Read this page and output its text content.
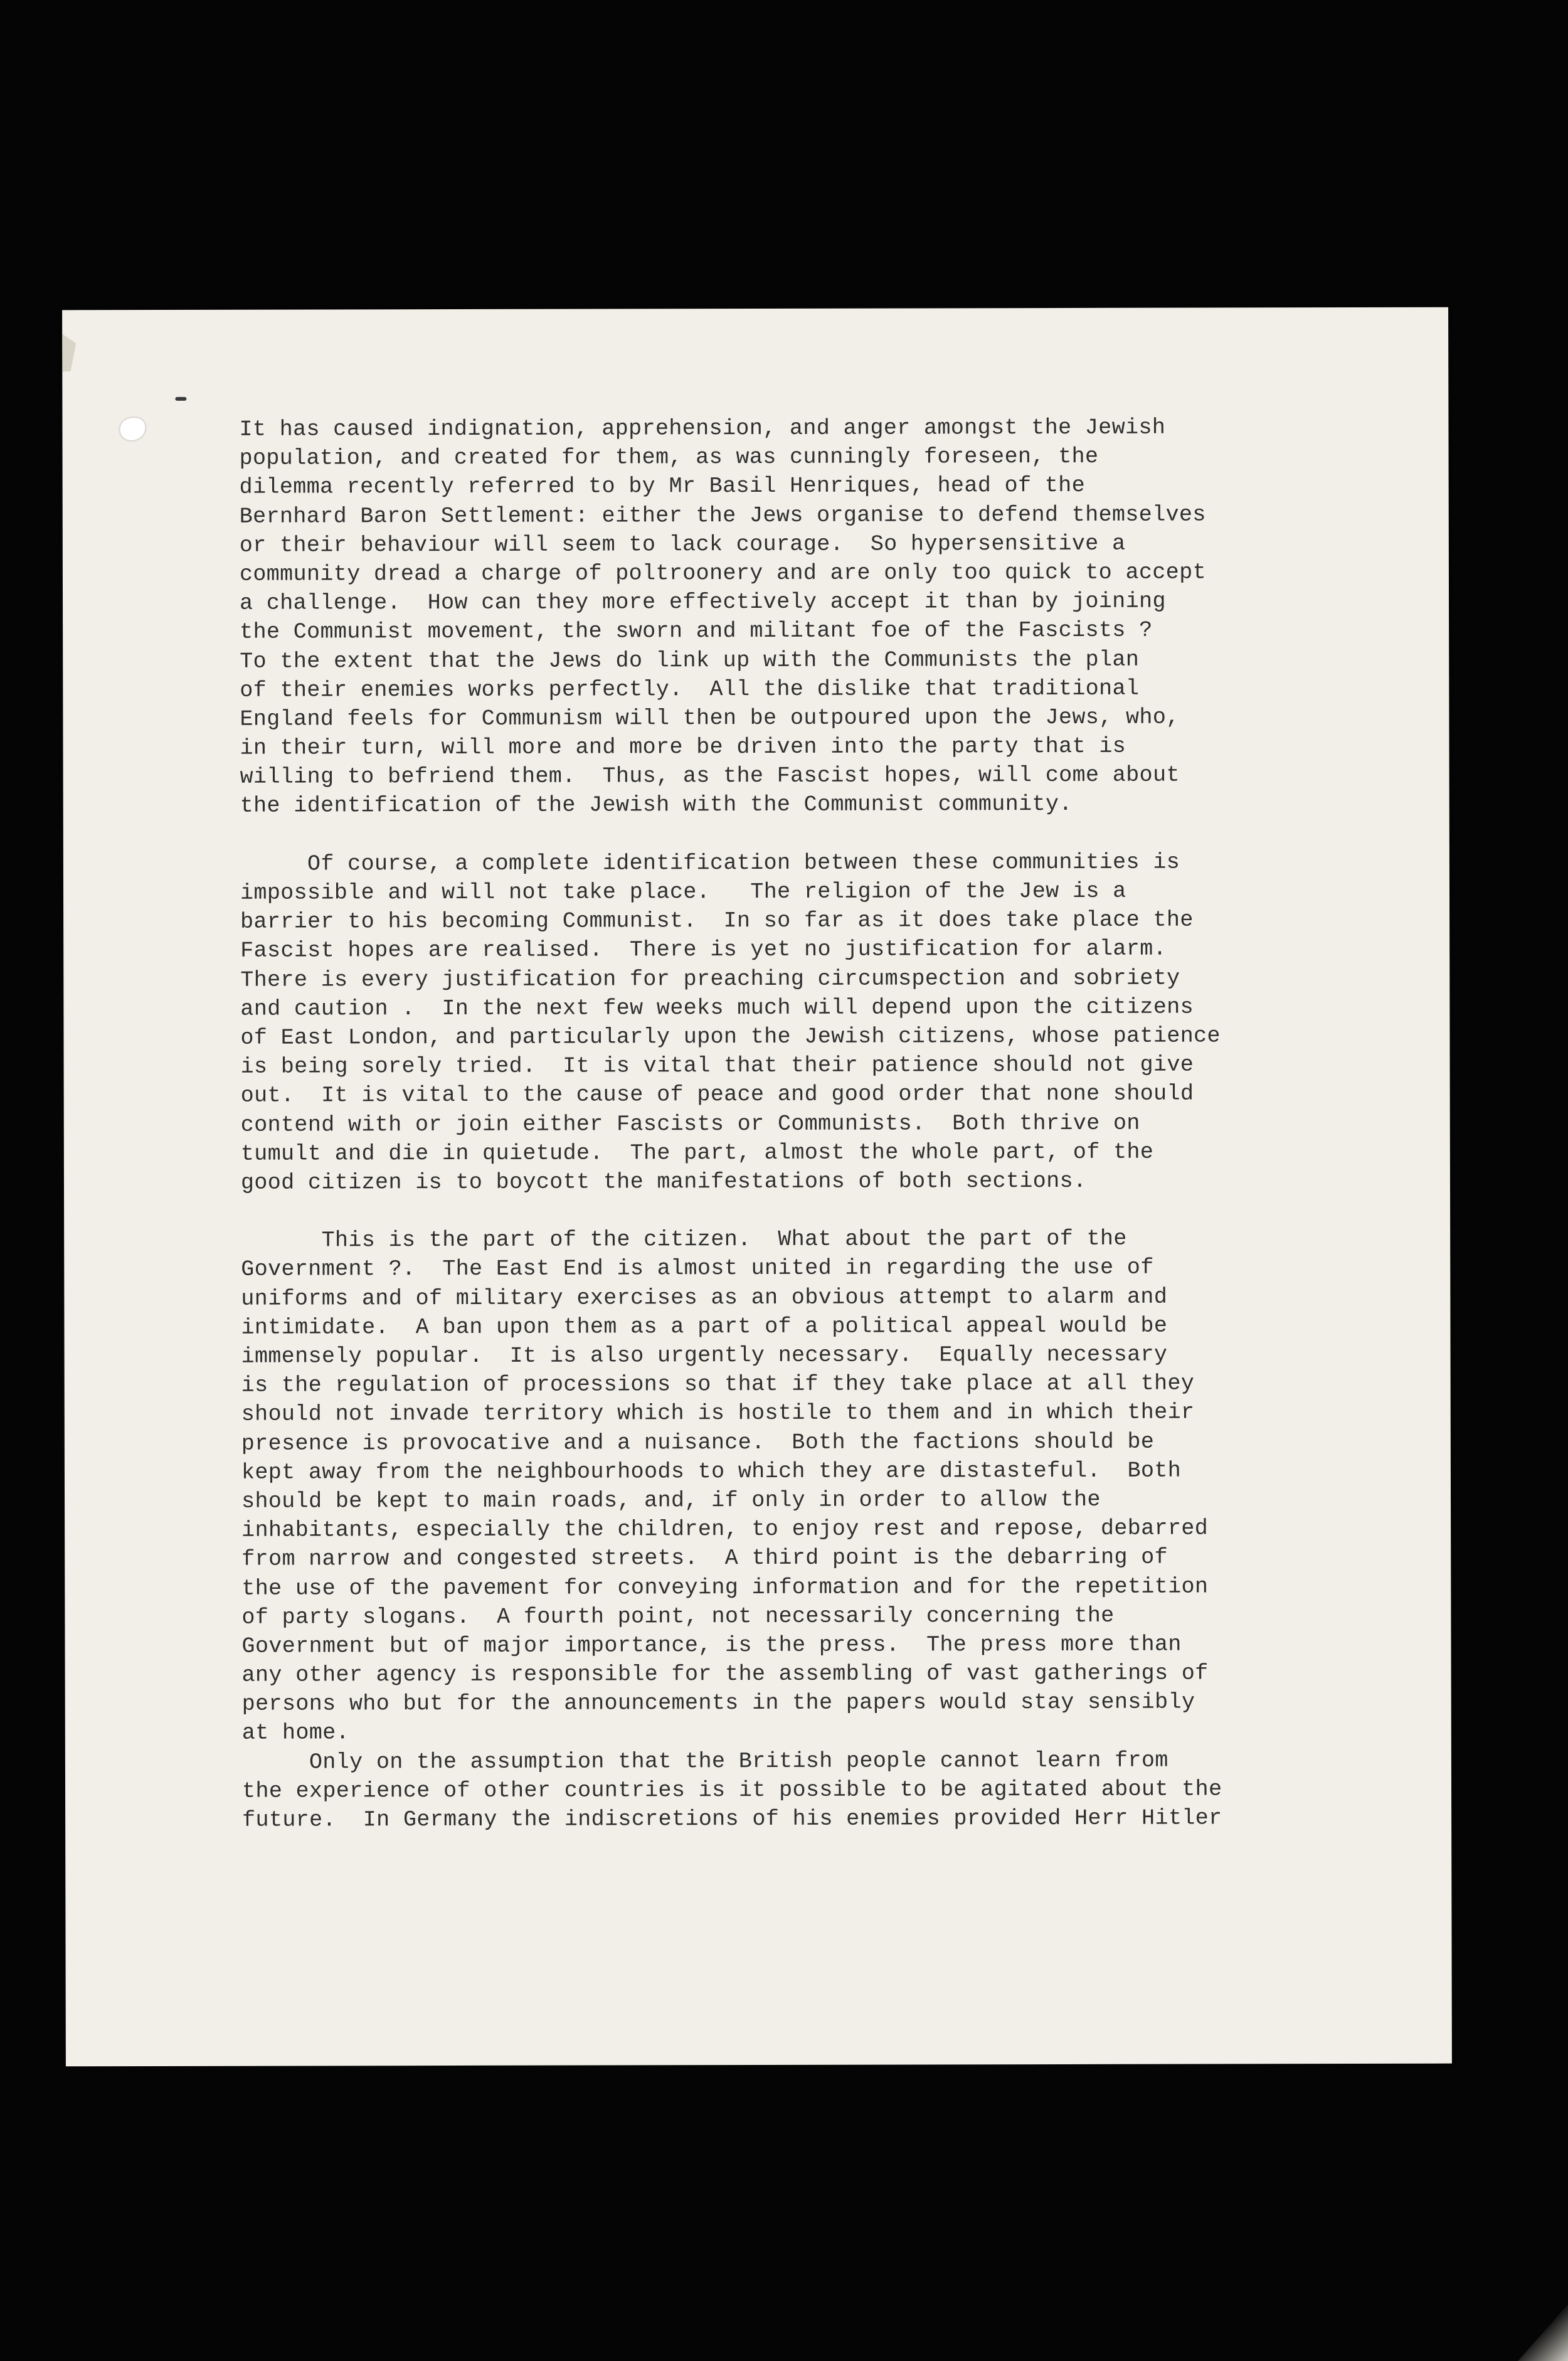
It has caused indignation, apprehension, and anger amongst the Jewish
population, and created for them, as was cunningly foreseen, the
dilemma recently referred to by Mr Basil Henriques, head of the
Bernhard Baron Settlement: either the Jews organise to defend themselves
or their behaviour will seem to lack courage.  So hypersensitive a
community dread a charge of poltroonery and are only too quick to accept
a challenge.  How can they more effectively accept it than by joining
the Communist movement, the sworn and militant foe of the Fascists ?
To the extent that the Jews do link up with the Communists the plan
of their enemies works perfectly.  All the dislike that traditional
England feels for Communism will then be outpoured upon the Jews, who,
in their turn, will more and more be driven into the party that is
willing to befriend them.  Thus, as the Fascist hopes, will come about
the identification of the Jewish with the Communist community.
Of course, a complete identification between these communities is
impossible and will not take place.   The religion of the Jew is a
barrier to his becoming Communist.  In so far as it does take place the
Fascist hopes are realised.  There is yet no justification for alarm.
There is every justification for preaching circumspection and sobriety
and caution .  In the next few weeks much will depend upon the citizens
of East London, and particularly upon the Jewish citizens, whose patience
is being sorely tried.  It is vital that their patience should not give
out.  It is vital to the cause of peace and good order that none should
contend with or join either Fascists or Communists.  Both thrive on
tumult and die in quietude.  The part, almost the whole part, of the
good citizen is to boycott the manifestations of both sections.
This is the part of the citizen.  What about the part of the
Government ?.  The East End is almost united in regarding the use of
uniforms and of military exercises as an obvious attempt to alarm and
intimidate.  A ban upon them as a part of a political appeal would be
immensely popular.  It is also urgently necessary.  Equally necessary
is the regulation of processions so that if they take place at all they
should not invade territory which is hostile to them and in which their
presence is provocative and a nuisance.  Both the factions should be
kept away from the neighbourhoods to which they are distasteful.  Both
should be kept to main roads, and, if only in order to allow the
inhabitants, especially the children, to enjoy rest and repose, debarred
from narrow and congested streets.  A third point is the debarring of
the use of the pavement for conveying information and for the repetition
of party slogans.  A fourth point, not necessarily concerning the
Government but of major importance, is the press.  The press more than
any other agency is responsible for the assembling of vast gatherings of
persons who but for the announcements in the papers would stay sensibly
at home.
Only on the assumption that the British people cannot learn from
the experience of other countries is it possible to be agitated about the
future.  In Germany the indiscretions of his enemies provided Herr Hitler
